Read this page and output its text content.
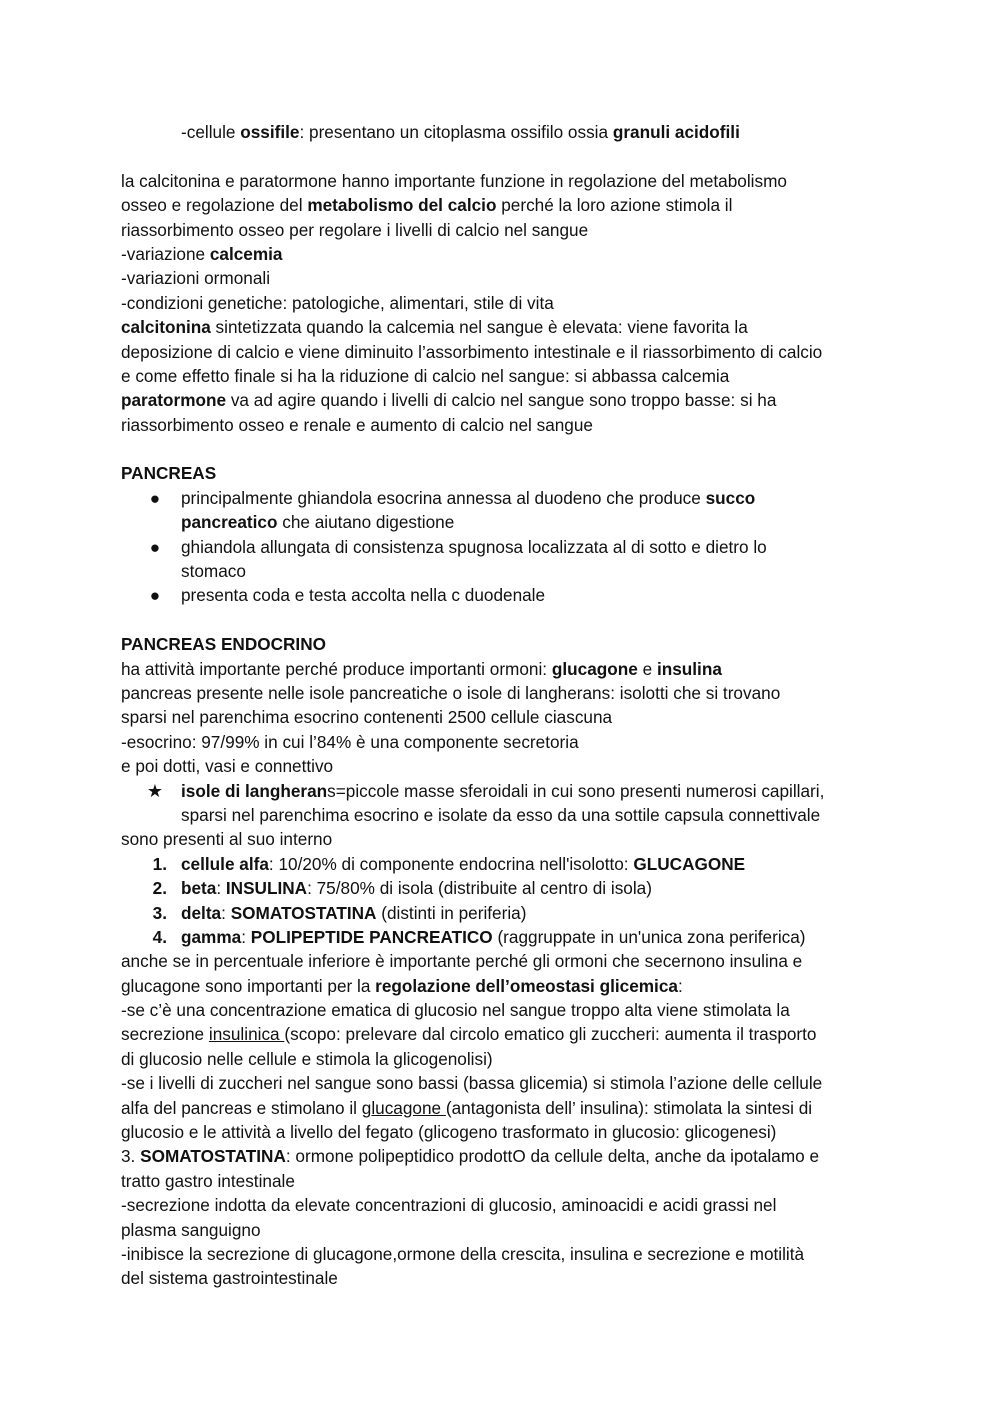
-cellule ossifile: presentano un citoplasma ossifilo ossia granuli acidofili
la calcitonina e paratormone hanno importante funzione in regolazione del metabolismo
osseo e regolazione del metabolismo del calcio perché la loro azione stimola il
riassorbimento osseo per regolare i livelli di calcio nel sangue
-variazione calcemia
-variazioni ormonali
-condizioni genetiche: patologiche, alimentari, stile di vita
calcitonina sintetizzata quando la calcemia nel sangue è elevata: viene favorita la
deposizione di calcio e viene diminuito l’assorbimento intestinale e il riassorbimento di calcio
e come effetto finale si ha la riduzione di calcio nel sangue: si abbassa calcemia
paratormone va ad agire quando i livelli di calcio nel sangue sono troppo basse: si ha
riassorbimento osseo e renale e aumento di calcio nel sangue
PANCREAS
●	principalmente ghiandola esocrina annessa al duodeno che produce succo
pancreatico che aiutano digestione
●	ghiandola allungata di consistenza spugnosa localizzata al di sotto e dietro lo
stomaco
●	presenta coda e testa accolta nella c duodenale
PANCREAS ENDOCRINO
ha attività importante perché produce importanti ormoni: glucagone e insulina
pancreas presente nelle isole pancreatiche o isole di langherans: isolotti che si trovano
sparsi nel parenchima esocrino contenenti 2500 cellule ciascuna
-esocrino: 97/99% in cui l’84% è una componente secretoria
e poi dotti, vasi e connettivo
★	isole di langherans=piccole masse sferoidali in cui sono presenti numerosi capillari,
sparsi nel parenchima esocrino e isolate da esso da una sottile capsula connettivale
sono presenti al suo interno
1. cellule alfa: 10/20% di componente endocrina nell'isolotto: GLUCAGONE
2. beta: INSULINA: 75/80% di isola (distribuite al centro di isola)
3. delta: SOMATOSTATINA (distinti in periferia)
4. gamma: POLIPEPTIDE PANCREATICO (raggruppate in un'unica zona periferica)
anche se in percentuale inferiore è importante perché gli ormoni che secernono insulina e
glucagone sono importanti per la regolazione dell’omeostasi glicemica:
-se c’è una concentrazione ematica di glucosio nel sangue troppo alta viene stimolata la
secrezione insulinica (scopo: prelevare dal circolo ematico gli zuccheri: aumenta il trasporto
di glucosio nelle cellule e stimola la glicogenolisi)
-se i livelli di zuccheri nel sangue sono bassi (bassa glicemia) si stimola l’azione delle cellule
alfa del pancreas e stimolano il glucagone (antagonista dell’ insulina): stimolata la sintesi di
glucosio e le attività a livello del fegato (glicogeno trasformato in glucosio: glicogenesi)
3. SOMATOSTATINA: ormone polipeptidico prodottO da cellule delta, anche da ipotalamo e
tratto gastro intestinale
-secrezione indotta da elevate concentrazioni di glucosio, aminoacidi e acidi grassi nel
plasma sanguigno
-inibisce la secrezione di glucagone,ormone della crescita, insulina e secrezione e motilità
del sistema gastrointestinale
